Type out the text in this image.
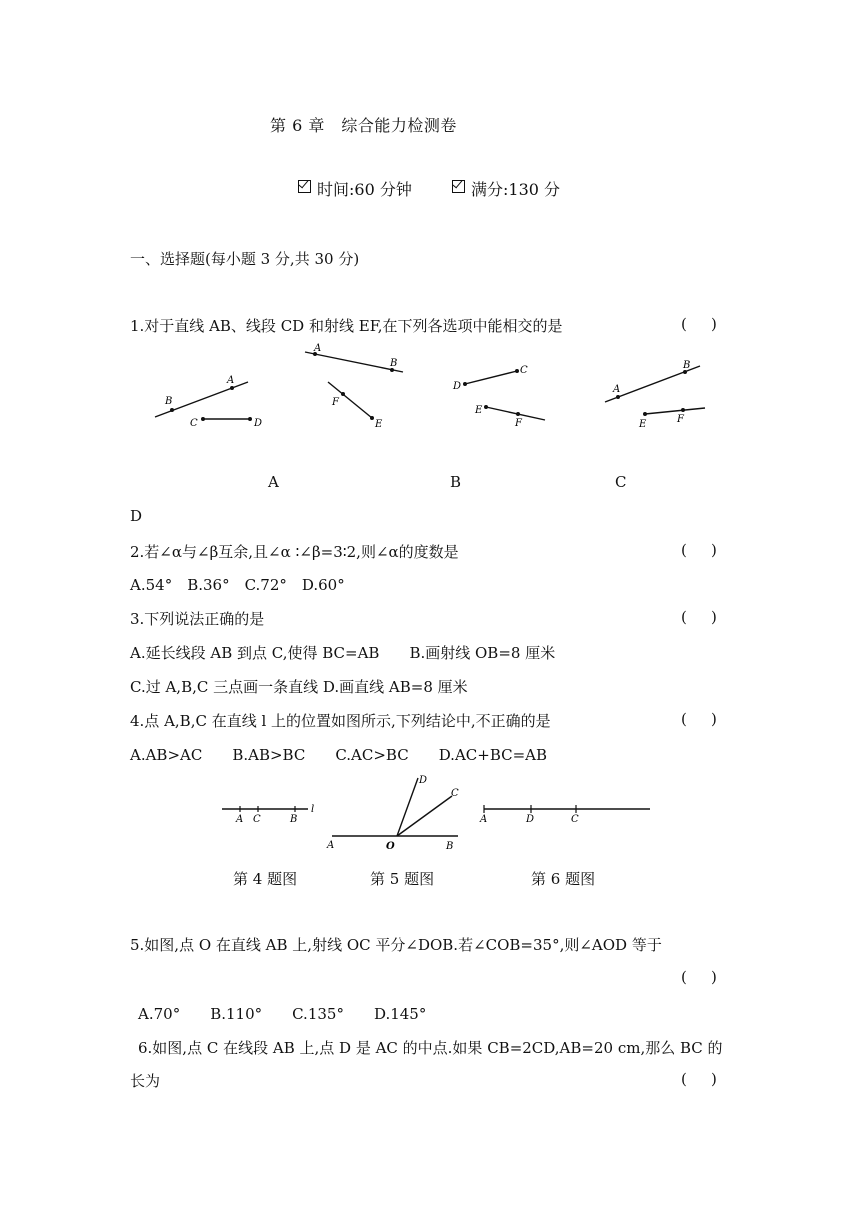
第 6 章　综合能力检测卷
时间:60 分钟	满分:130 分
一、选择题(每小题 3 分,共 30 分)
1.对于直线 AB、线段 CD 和射线 EF,在下列各选项中能相交的是	( )
B
A
C	D
A
B
F
E
D
C
E
F
A
B
E	F
A	B	C
D
2.若∠α与∠β互余,且∠α ∶∠β=3∶2,则∠α的度数是	( )
A.54°　B.36°　C.72°　D.60°
3.下列说法正确的是	( )
A.延长线段 AB 到点 C,使得 BC=AB　　B.画射线 OB=8 厘米
C.过 A,B,C 三点画一条直线 D.画直线 AB=8 厘米
4.点 A,B,C 在直线 l 上的位置如图所示,下列结论中,不正确的是	( )
A.AB>AC　　B.AB>BC　　C.AC>BC　　D.AC+BC=AB
A C	B
l
A	O	B
D
C
A	D	C
第 4 题图	第 5 题图	第 6 题图
5.如图,点 O 在直线 AB 上,射线 OC 平分∠DOB.若∠COB=35°,则∠AOD 等于
( )
A.70°　　B.110°　　C.135°　　D.145°
6.如图,点 C 在线段 AB 上,点 D 是 AC 的中点.如果 CB=2CD,AB=20 cm,那么 BC 的
长为	( )
